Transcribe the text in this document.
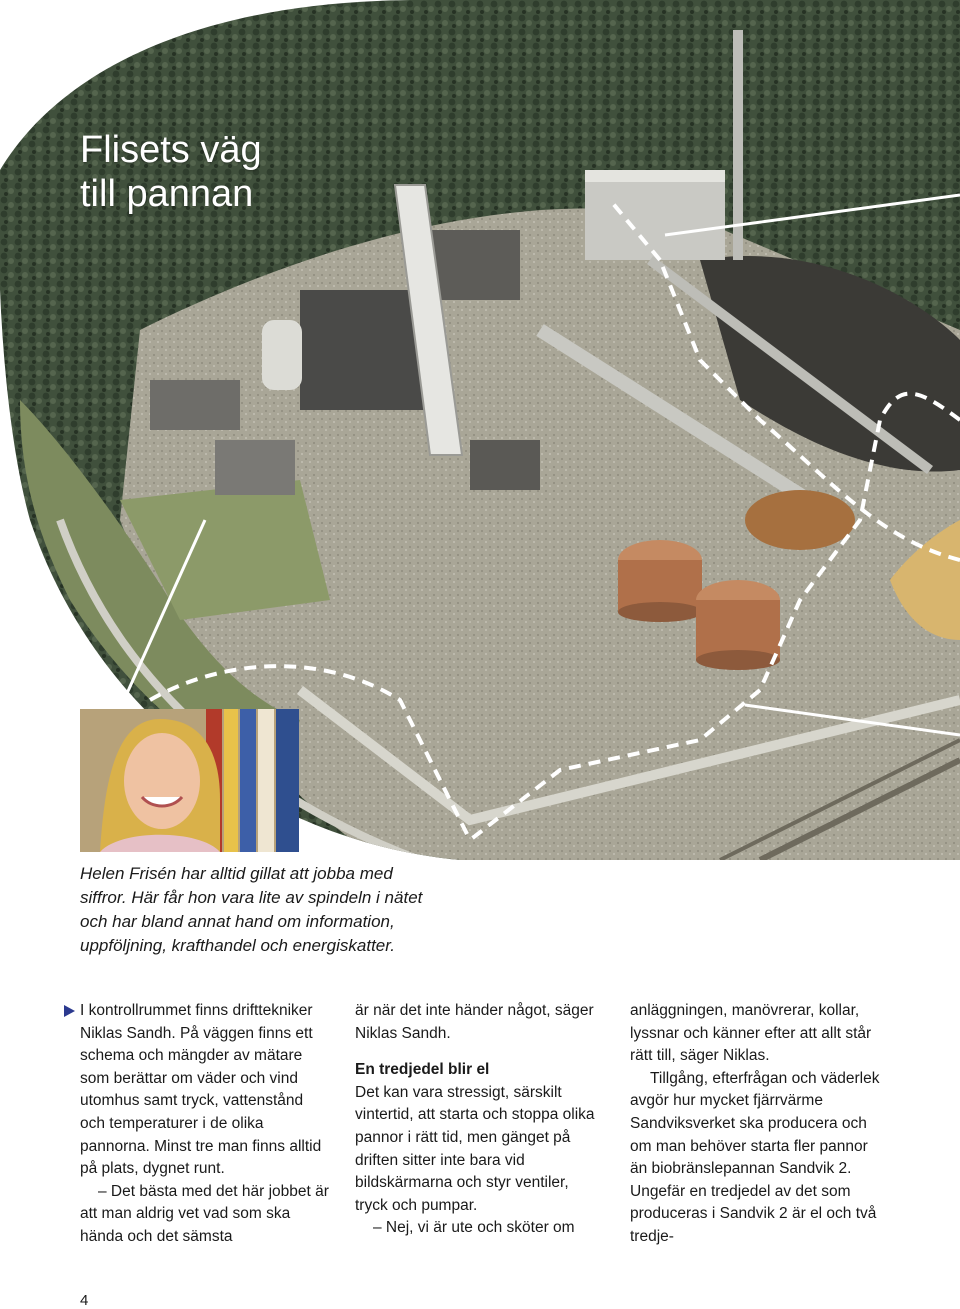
Flisets väg
till pannan
Helen Frisén har alltid gillat att jobba med
siffror. Här får hon vara lite av spindeln i nätet
och har bland annat hand om information,
uppföljning, krafthandel och energiskatter.

I kontrollrummet finns drifttekniker Niklas Sandh. På väggen finns ett schema och mängder av mätare som berättar om väder och vind utomhus samt tryck, vattenstånd och temperaturer i de olika pannorna. Minst tre man finns alltid på plats, dygnet runt.

– Det bästa med det här jobbet är att man aldrig vet vad som ska hända och det sämsta

är när det inte händer något, säger Niklas Sandh.

En tredjedel blir el

Det kan vara stressigt, särskilt vintertid, att starta och stoppa olika pannor i rätt tid, men gänget på driften sitter inte bara vid bildskärmarna och styr ventiler, tryck och pumpar.

– Nej, vi är ute och sköter om

anläggningen, manövrerar, kollar, lyssnar och känner efter att allt står rätt till, säger Niklas.

Tillgång, efterfrågan och väderlek avgör hur mycket fjärrvärme Sandviksverket ska producera och om man behöver starta fler pannor än biobränslepannan Sandvik 2. Ungefär en tredjedel av det som produceras i Sandvik 2 är el och två tredje-

4
